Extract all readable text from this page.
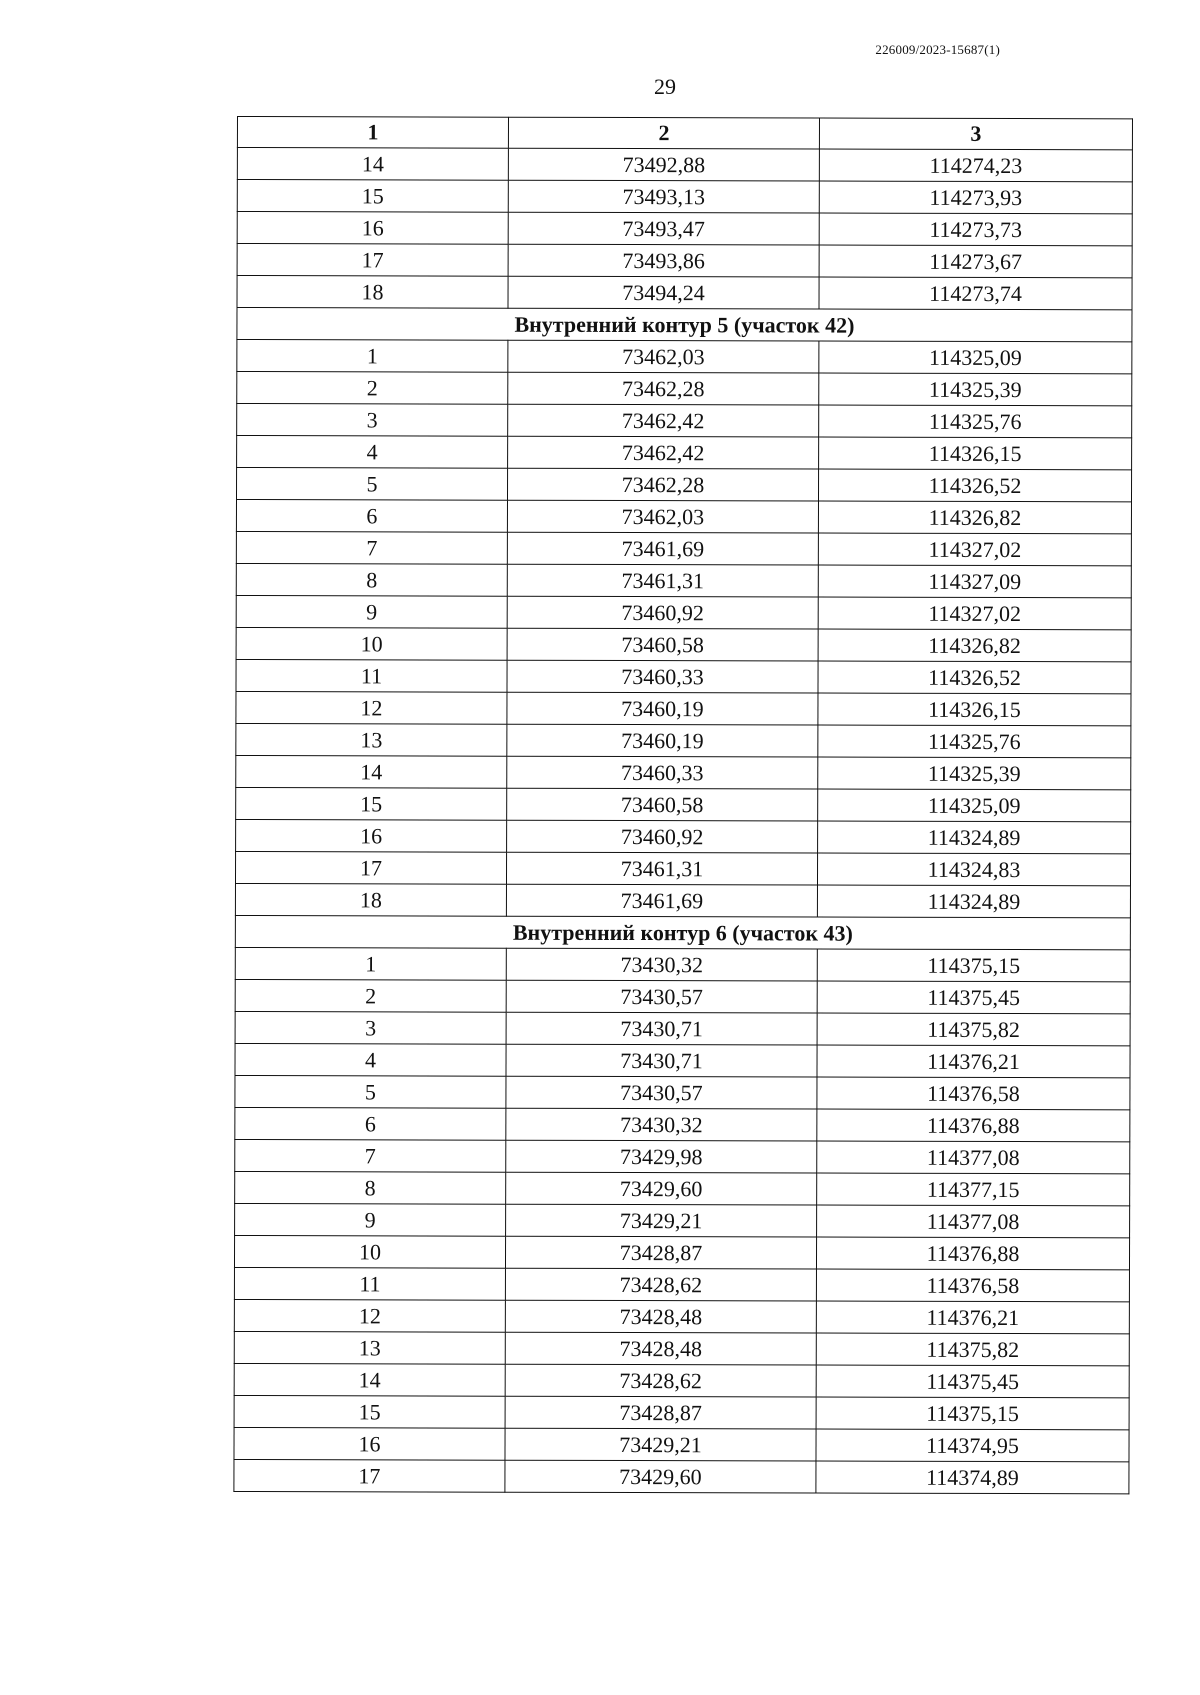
226009/2023-15687(1)
29
1	2	3
14	73492,88	114274,23
15	73493,13	114273,93
16	73493,47	114273,73
17	73493,86	114273,67
18	73494,24	114273,74
Внутренний контур 5 (участок 42)		
1	73462,03	114325,09
2	73462,28	114325,39
3	73462,42	114325,76
4	73462,42	114326,15
5	73462,28	114326,52
6	73462,03	114326,82
7	73461,69	114327,02
8	73461,31	114327,09
9	73460,92	114327,02
10	73460,58	114326,82
11	73460,33	114326,52
12	73460,19	114326,15
13	73460,19	114325,76
14	73460,33	114325,39
15	73460,58	114325,09
16	73460,92	114324,89
17	73461,31	114324,83
18	73461,69	114324,89
Внутренний контур 6 (участок 43)		
1	73430,32	114375,15
2	73430,57	114375,45
3	73430,71	114375,82
4	73430,71	114376,21
5	73430,57	114376,58
6	73430,32	114376,88
7	73429,98	114377,08
8	73429,60	114377,15
9	73429,21	114377,08
10	73428,87	114376,88
11	73428,62	114376,58
12	73428,48	114376,21
13	73428,48	114375,82
14	73428,62	114375,45
15	73428,87	114375,15
16	73429,21	114374,95
17	73429,60	114374,89
